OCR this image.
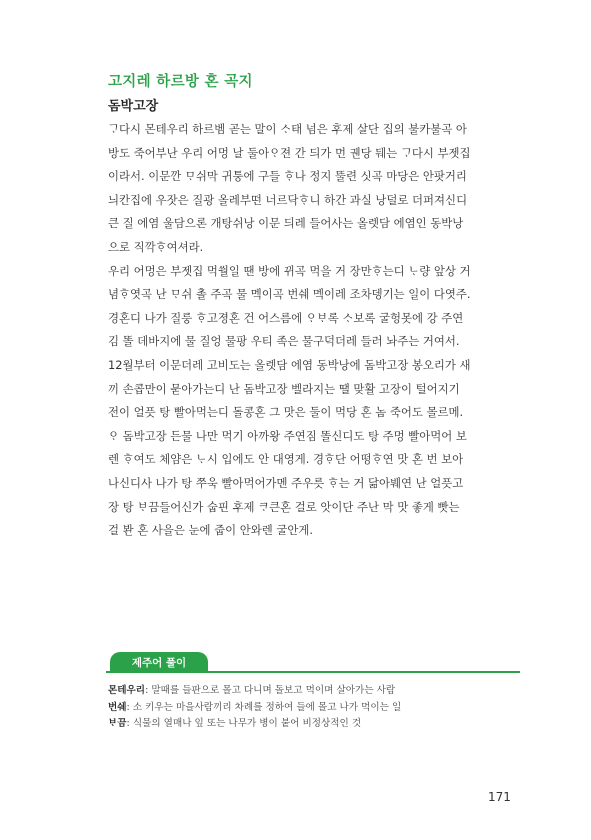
고지레 하르방 혼 곡지
돔박고장
ᄀᆞ다시 몬테우리 하르벰 곧는 말이 ᄉᆞ태 넘은 후제 살단 집의 불카불곡 아
방도 죽어부난 우리 어멍 날 둘아ᄋᆞ젼 간 듸가 먼 궨당 뒈는 ᄀᆞ다시 부젯집
이라서. 이문깐 ᄆᆞ쉬막 귀퉁에 구들 ᄒᆞ나 정지 뚤련 싯곡 마당은 안팟거리
늬칸집에 우잣은 질광 올레부떤 너르닥ᄒᆞ니 하간 과실 낭덜로 더퍼져신디
큰 질 에염 울담으론 개탕쉬낭 이문 듸레 들어사는 올렛담 에염인 동박낭
으로 직깍ᄒᆞ여셔라.
우리 어멍은 부젯집 먹쒈일 땐 방에 뀌곡 먹을 거 장만ᄒᆞ는디 ᄂᆞ량 앞상 거
념ᄒᆞ엿곡 난 ᄆᆞ쉬 촐 주곡 물 멕이곡 번쉐 멕이레 조차뎅기는 일이 다엿주.
경혼디 나가 질룽 ᄒᆞ고졍혼 건 어스름에 ᄋᆞᄇᆞ록 ᄉᆞ보록 굴헝못에 강 주연
김 똘 데바지에 물 질엉 물팡 우티 족은 물구덕더레 들러 놔주는 거여서.
12월부터 이문더레 고비도는 올렛담 에염 동박낭에 돔박고장 봉오리가 새
끼 손콥만이 묻아가는디 난 돔박고장 벨라지는 땔 맞활 고장이 털어지기
전이 얼픗 탕 빨아먹는디 돌콩혼 그 맛은 둘이 먹당 혼 놈 죽어도 몰르메.
ᄋᆞ 돔박고장 든물 나만 먹기 아까왕 주연짐 똘신디도 탕 주멍 빨아먹어 보
렌 ᄒᆞ여도 체얌은 ᄂᆞ시 입에도 안 대영게. 경ᄒᆞ단 어떵ᄒᆞ연 맛 혼 번 보아
나신디사 나가 탕 쭈욱 빨아먹어가멘 주우릇 ᄒᆞ는 거 닮아붸연 난 얼픗고
장 탕 ᄇᆞ끔들어신가 숩핀 후제 ᄏᆞ큰혼 걸로 앗이단 주난 막 맛 좋게 빳는
걸 봔 혼 사을은 눈에 줍이 안와렌 굴안게.
제주어 풀이
몬테우리: 말때를 들판으로 몰고 다니며 돌보고 먹이며 살아가는 사람
번쉐: 소 키우는 마을사람끼리 차례를 정하여 들에 몰고 나가 먹이는 일
ᄇᆞ끔: 식물의 열매나 잎 또는 나무가 병이 붙어 비정상적인 것
171
